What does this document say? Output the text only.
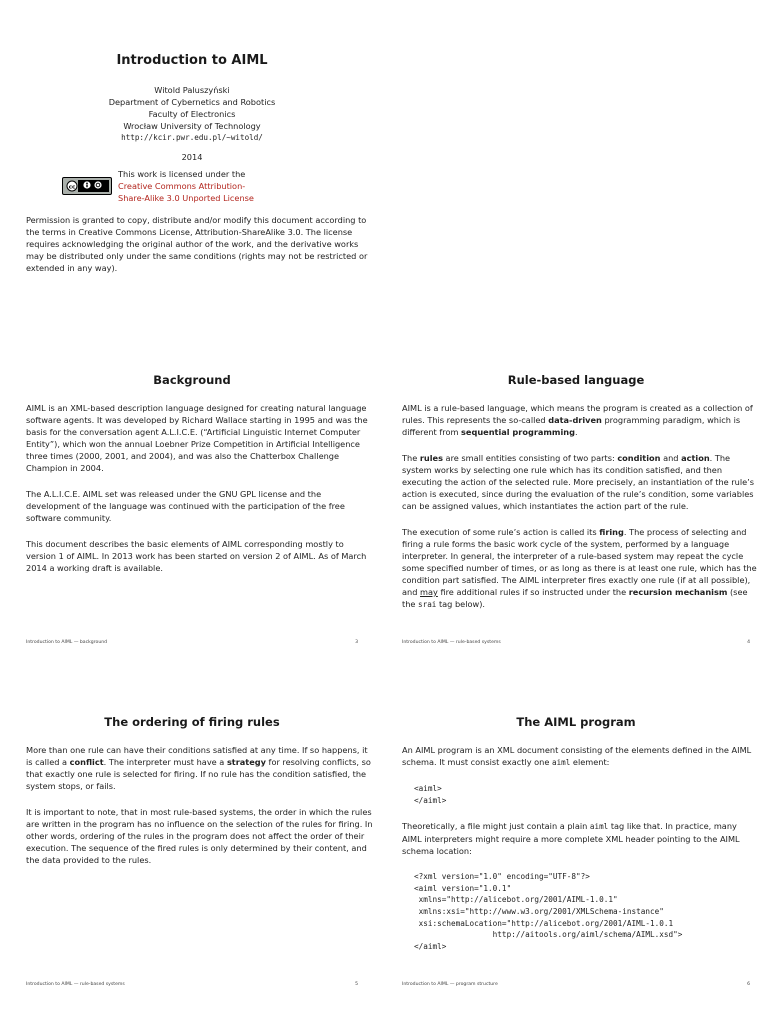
Introduction to AIML
Witold Paluszyński
Department of Cybernetics and Robotics
Faculty of Electronics
Wrocław University of Technology
http://kcir.pwr.edu.pl/~witold/
2014
cc
This work is licensed under the
Creative Commons Attribution-
Share-Alike 3.0 Unported License
Permission is granted to copy, distribute and/or modify this document according to the terms in Creative Commons License, Attribution-ShareAlike 3.0. The license requires acknowledging the original author of the work, and the derivative works may be distributed only under the same conditions (rights may not be restricted or extended in any way).
Background

AIML is an XML-based description language designed for creating natural language software agents. It was developed by Richard Wallace starting in 1995 and was the basis for the conversation agent A.L.I.C.E. (“Artificial Linguistic Internet Computer Entity”), which won the annual Loebner Prize Competition in Artificial Intelligence three times (2000, 2001, and 2004), and was also the Chatterbox Challenge Champion in 2004.

The A.L.I.C.E. AIML set was released under the GNU GPL license and the development of the language was continued with the participation of the free software community.

This document describes the basic elements of AIML corresponding mostly to version 1 of AIML. In 2013 work has been started on version 2 of AIML. As of March 2014 a working draft is available.

Introduction to AIML — background	3
Rule-based language

AIML is a rule-based language, which means the program is created as a collection of rules. This represents the so-called data-driven programming paradigm, which is different from sequential programming.

The rules are small entities consisting of two parts: condition and action. The system works by selecting one rule which has its condition satisfied, and then executing the action of the selected rule. More precisely, an instantiation of the rule’s action is executed, since during the evaluation of the rule’s condition, some variables can be assigned values, which instantiates the action part of the rule.

The execution of some rule’s action is called its firing. The process of selecting and firing a rule forms the basic work cycle of the system, performed by a language interpreter. In general, the interpreter of a rule-based system may repeat the cycle some specified number of times, or as long as there is at least one rule, which has the condition part satisfied. The AIML interpreter fires exactly one rule (if at all possible), and may fire additional rules if so instructed under the recursion mechanism (see the srai tag below).

Introduction to AIML — rule-based systems	4
The ordering of firing rules

More than one rule can have their conditions satisfied at any time. If so happens, it is called a conflict. The interpreter must have a strategy for resolving conflicts, so that exactly one rule is selected for firing. If no rule has the condition satisfied, the system stops, or fails.

It is important to note, that in most rule-based systems, the order in which the rules are written in the program has no influence on the selection of the rules for firing. In other words, ordering of the rules in the program does not affect the order of their execution. The sequence of the fired rules is only determined by their content, and the data provided to the rules.

Introduction to AIML — rule-based systems	5
The AIML program

An AIML program is an XML document consisting of the elements defined in the AIML schema. It must consist exactly one aiml element:

<aiml>
</aiml>

Theoretically, a file might just contain a plain aiml tag like that. In practice, many AIML interpreters might require a more complete XML header pointing to the AIML schema location:

<?xml version="1.0" encoding="UTF-8"?>
<aiml version="1.0.1"
xmlns="http://alicebot.org/2001/AIML-1.0.1"
xmlns:xsi="http://www.w3.org/2001/XMLSchema-instance"
xsi:schemaLocation="http://alicebot.org/2001/AIML-1.0.1
http://aitools.org/aiml/schema/AIML.xsd">
</aiml>
Introduction to AIML — program structure	6
